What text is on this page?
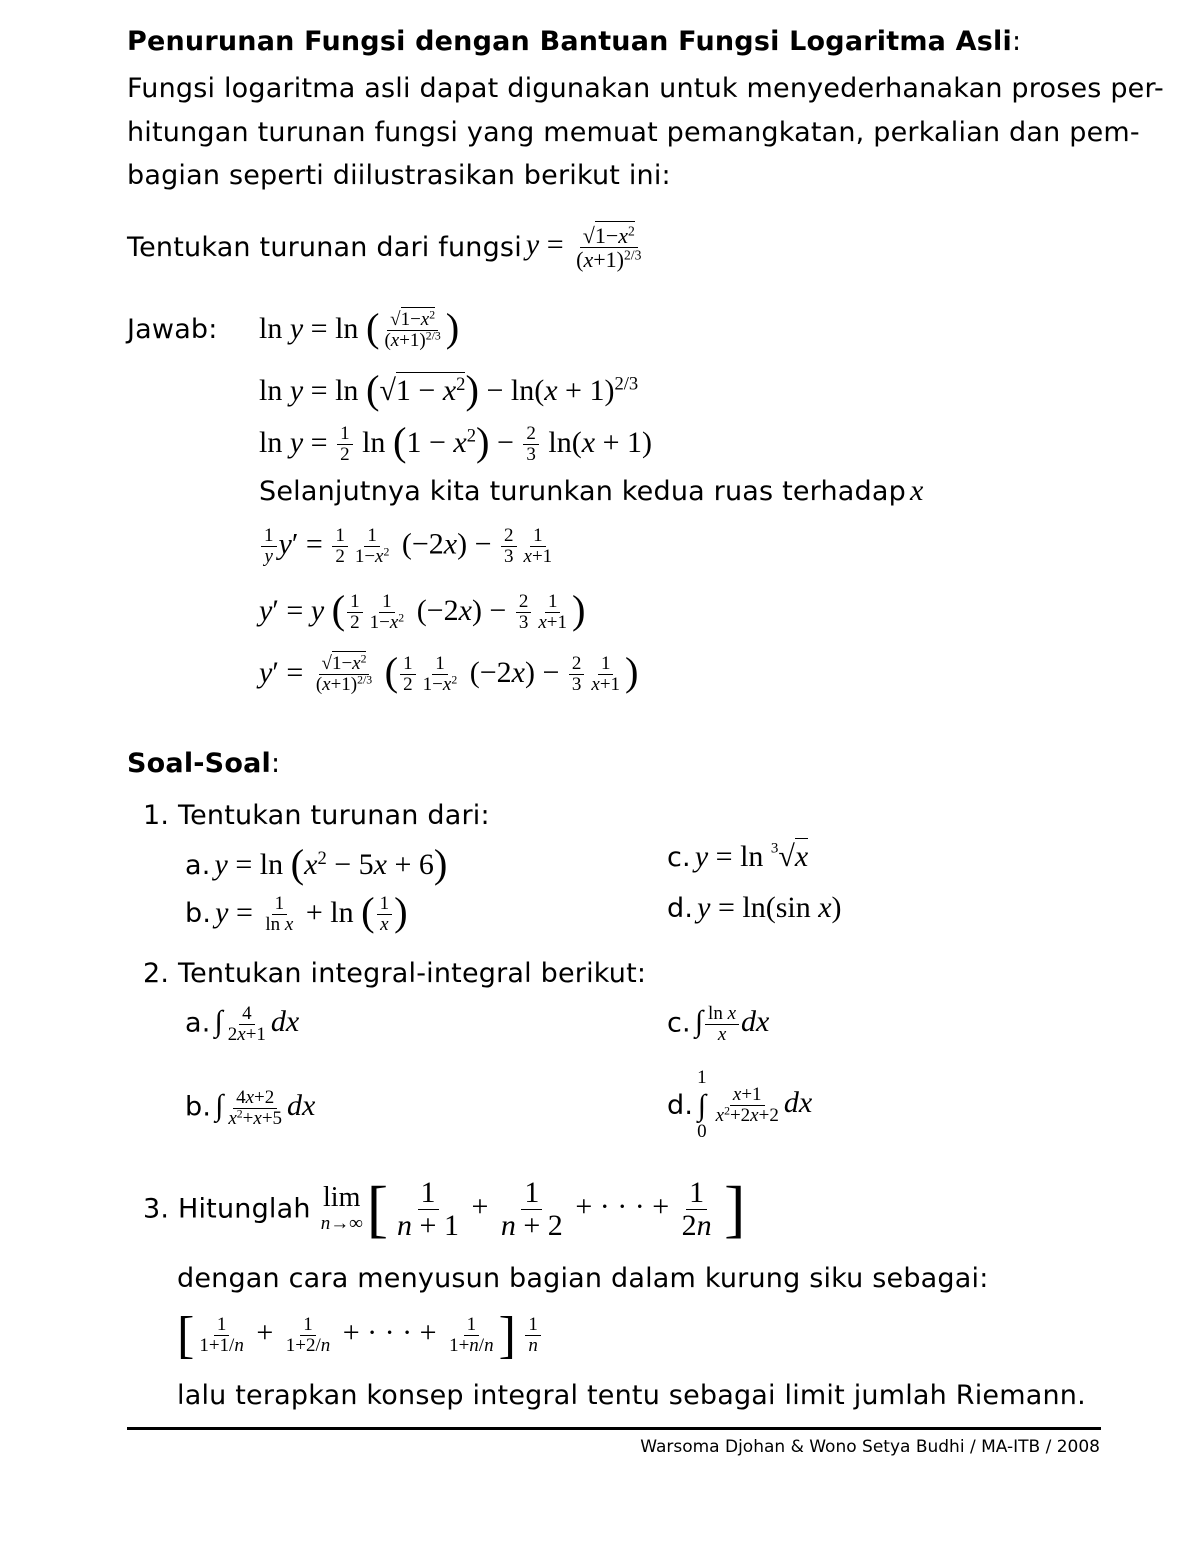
Penurunan Fungsi dengan Bantuan Fungsi Logaritma Asli:
Fungsi logaritma asli dapat digunakan untuk menyederhanakan proses per-
hitungan turunan fungsi yang memuat pemangkatan, perkalian dan pem-
bagian seperti diilustrasikan berikut ini:
Tentukan turunan dari fungsi $y = \frac{√1-x^2}{(x+1)^{2/3}}$
Jawab: ln y = ln ( $\frac{√1-x^2}{(x+1)^{2/3}}$ )
$\ln y = \ln (√1 - x^2) - \ln(x + 1)^{2/3}$
$\ln y = \frac{1}{2}$ $\ln (1 - x^2) - \frac{2}{3} \ln(x + 1)$
Selanjutnya kita turunkan kedua ruas terhadap x
$\frac{1}{y} y' = \frac{1}{2} \frac{1}{1-x^2} (-2x) - \frac{2}{3} \frac{1}{x+1}$
y′ = y ( $\frac{1}{2} \frac{1}{1-x^2} (-2x) - \frac{2}{3} \frac{1}{x+1}$ )
$y' = \frac{√1-x^2}{(x+1)^{2/3}}$ ( $\frac{1}{2} \frac{1}{1-x^2} (-2x) - \frac{2}{3} \frac{1}{x+1}$ )
Soal-Soal:
1. Tentukan turunan dari:
a. $y = \ln (x^2 - 5x + 6)$	c. y = ln $^3$√x
b. $y = \frac{1}{\text{ln x}} + \ln$ ( $\frac{1}{x}$ )	d. y = ln(sin x)
2. Tentukan integral-integral berikut:
a. ∫ $\frac{4}{2x+1}$ dx	c. ∫ $\frac{\text{ln x}}{x}$ dx
b. ∫ $\frac{4x+2}{x^2+x+5}$ dx	d.
1
∫
0

$\frac{x+1}{x^2+2x+2}$ dx
3. Hitunglah lim
n→∞ [ $\frac{1}{n + 1} + \frac{1}{n + 2}$ + · · · + $\frac{1}{2n}$ ]
dengan cara menyusun bagian dalam kurung siku sebagai:
[ $\frac{1}{1+1/n} + \frac{1}{1+2/n}$ + · · · + $\frac{1}{1+n/n}$ ] $\frac{1}{n}$
lalu terapkan konsep integral tentu sebagai limit jumlah Riemann.
Warsoma Djohan & Wono Setya Budhi / MA-ITB / 2008
